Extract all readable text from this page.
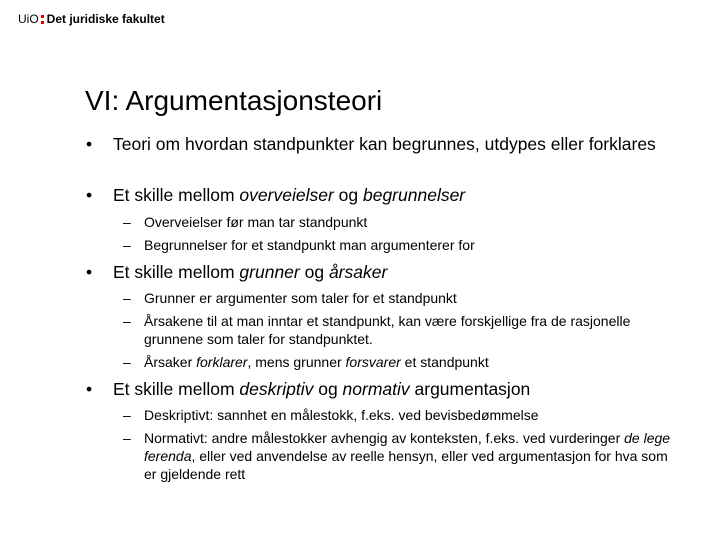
UiO Det juridiske fakultet
VI: Argumentasjonsteori
• Teori om hvordan standpunkter kan begrunnes, utdypes eller forklares
• Et skille mellom overveielser og begrunnelser
– Overveielser før man tar standpunkt
– Begrunnelser for et standpunkt man argumenterer for
• Et skille mellom grunner og årsaker
– Grunner er argumenter som taler for et standpunkt
– Årsakene til at man inntar et standpunkt, kan være forskjellige fra de rasjonelle grunnene som taler for standpunktet.
– Årsaker forklarer, mens grunner forsvarer et standpunkt
• Et skille mellom deskriptiv og normativ argumentasjon
– Deskriptivt: sannhet en målestokk, f.eks. ved bevisbedømmelse
– Normativt: andre målestokker avhengig av konteksten, f.eks. ved vurderinger de lege ferenda, eller ved anvendelse av reelle hensyn, eller ved argumentasjon for hva som er gjeldende rett
